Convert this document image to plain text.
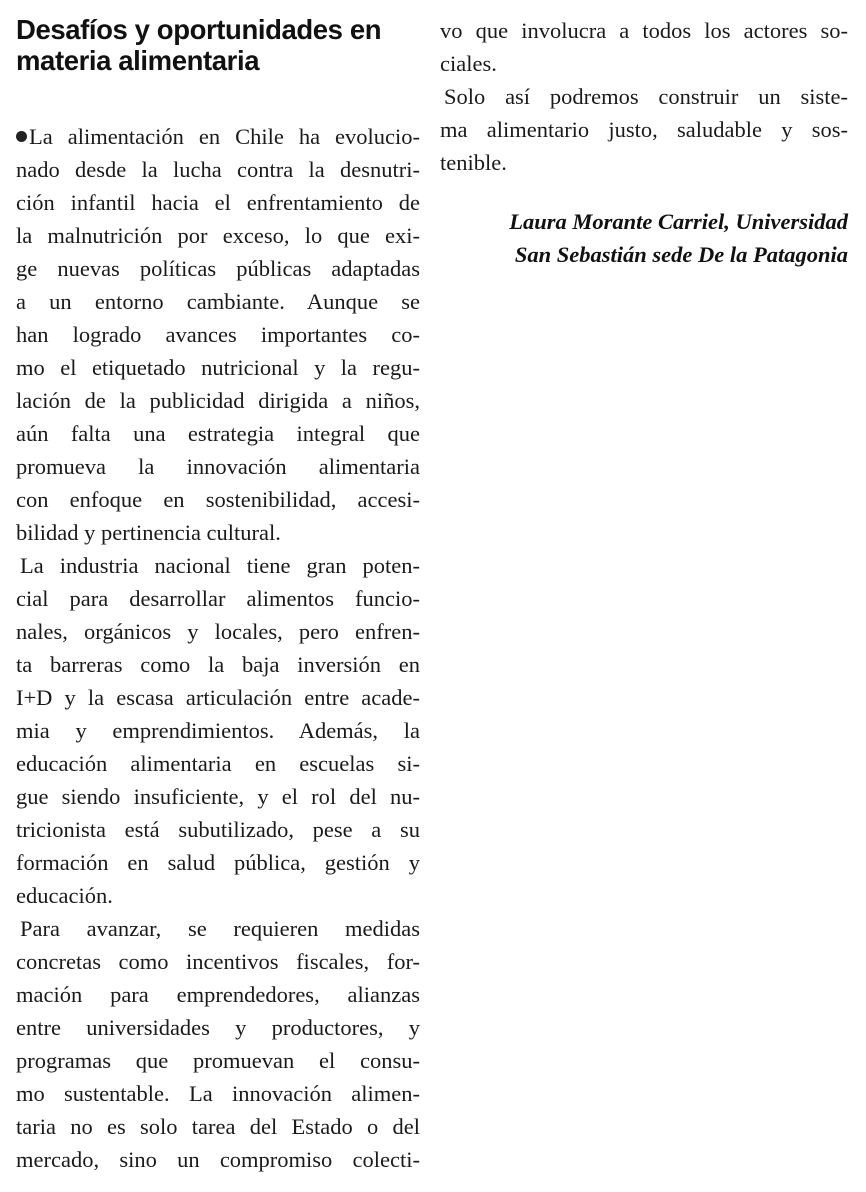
Desafíos y oportunidades en
materia alimentaria
La alimentación en Chile ha evolucio-
nado desde la lucha contra la desnutri-
ción infantil hacia el enfrentamiento de
la malnutrición por exceso, lo que exi-
ge nuevas políticas públicas adaptadas
a un entorno cambiante. Aunque se
han logrado avances importantes co-
mo el etiquetado nutricional y la regu-
lación de la publicidad dirigida a niños,
aún falta una estrategia integral que
promueva la innovación alimentaria
con enfoque en sostenibilidad, accesi-
bilidad y pertinencia cultural.
La industria nacional tiene gran poten-
cial para desarrollar alimentos funcio-
nales, orgánicos y locales, pero enfren-
ta barreras como la baja inversión en
I+D y la escasa articulación entre acade-
mia y emprendimientos. Además, la
educación alimentaria en escuelas si-
gue siendo insuficiente, y el rol del nu-
tricionista está subutilizado, pese a su
formación en salud pública, gestión y
educación.
Para avanzar, se requieren medidas
concretas como incentivos fiscales, for-
mación para emprendedores, alianzas
entre universidades y productores, y
programas que promuevan el consu-
mo sustentable. La innovación alimen-
taria no es solo tarea del Estado o del
mercado, sino un compromiso colecti-
vo que involucra a todos los actores so-
ciales.
Solo así podremos construir un siste-
ma alimentario justo, saludable y sos-
tenible.
Laura Morante Carriel, Universidad
San Sebastián sede De la Patagonia
